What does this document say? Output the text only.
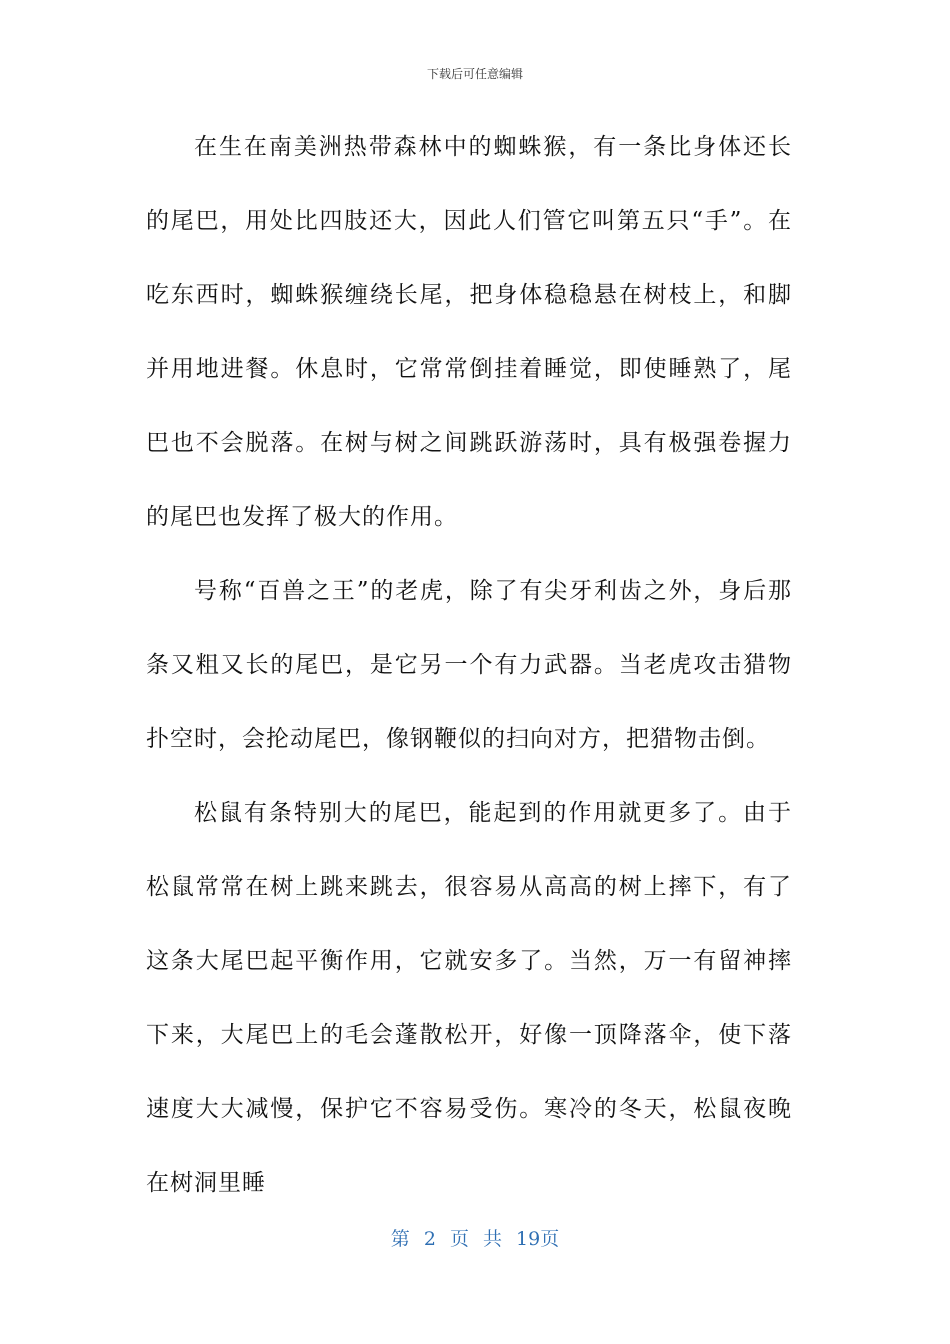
下载后可任意编辑

在生在南美洲热带森林中的蜘蛛猴，有一条比身体还长的尾巴，用处比四肢还大，因此人们管它叫第五只“手”。在吃东西时，蜘蛛猴缠绕长尾，把身体稳稳悬在树枝上，和脚并用地进餐。休息时，它常常倒挂着睡觉，即使睡熟了，尾巴也不会脱落。在树与树之间跳跃游荡时，具有极强卷握力的尾巴也发挥了极大的作用。

号称“百兽之王”的老虎，除了有尖牙利齿之外，身后那条又粗又长的尾巴，是它另一个有力武器。当老虎攻击猎物扑空时，会抡动尾巴，像钢鞭似的扫向对方，把猎物击倒。

松鼠有条特别大的尾巴，能起到的作用就更多了。由于松鼠常常在树上跳来跳去，很容易从高高的树上摔下，有了这条大尾巴起平衡作用，它就安多了。当然，万一有留神摔下来，大尾巴上的毛会蓬散松开，好像一顶降落伞，使下落速度大大减慢，保护它不容易受伤。寒冷的冬天，松鼠夜晚在树洞里睡

第 2 页 共 19页
